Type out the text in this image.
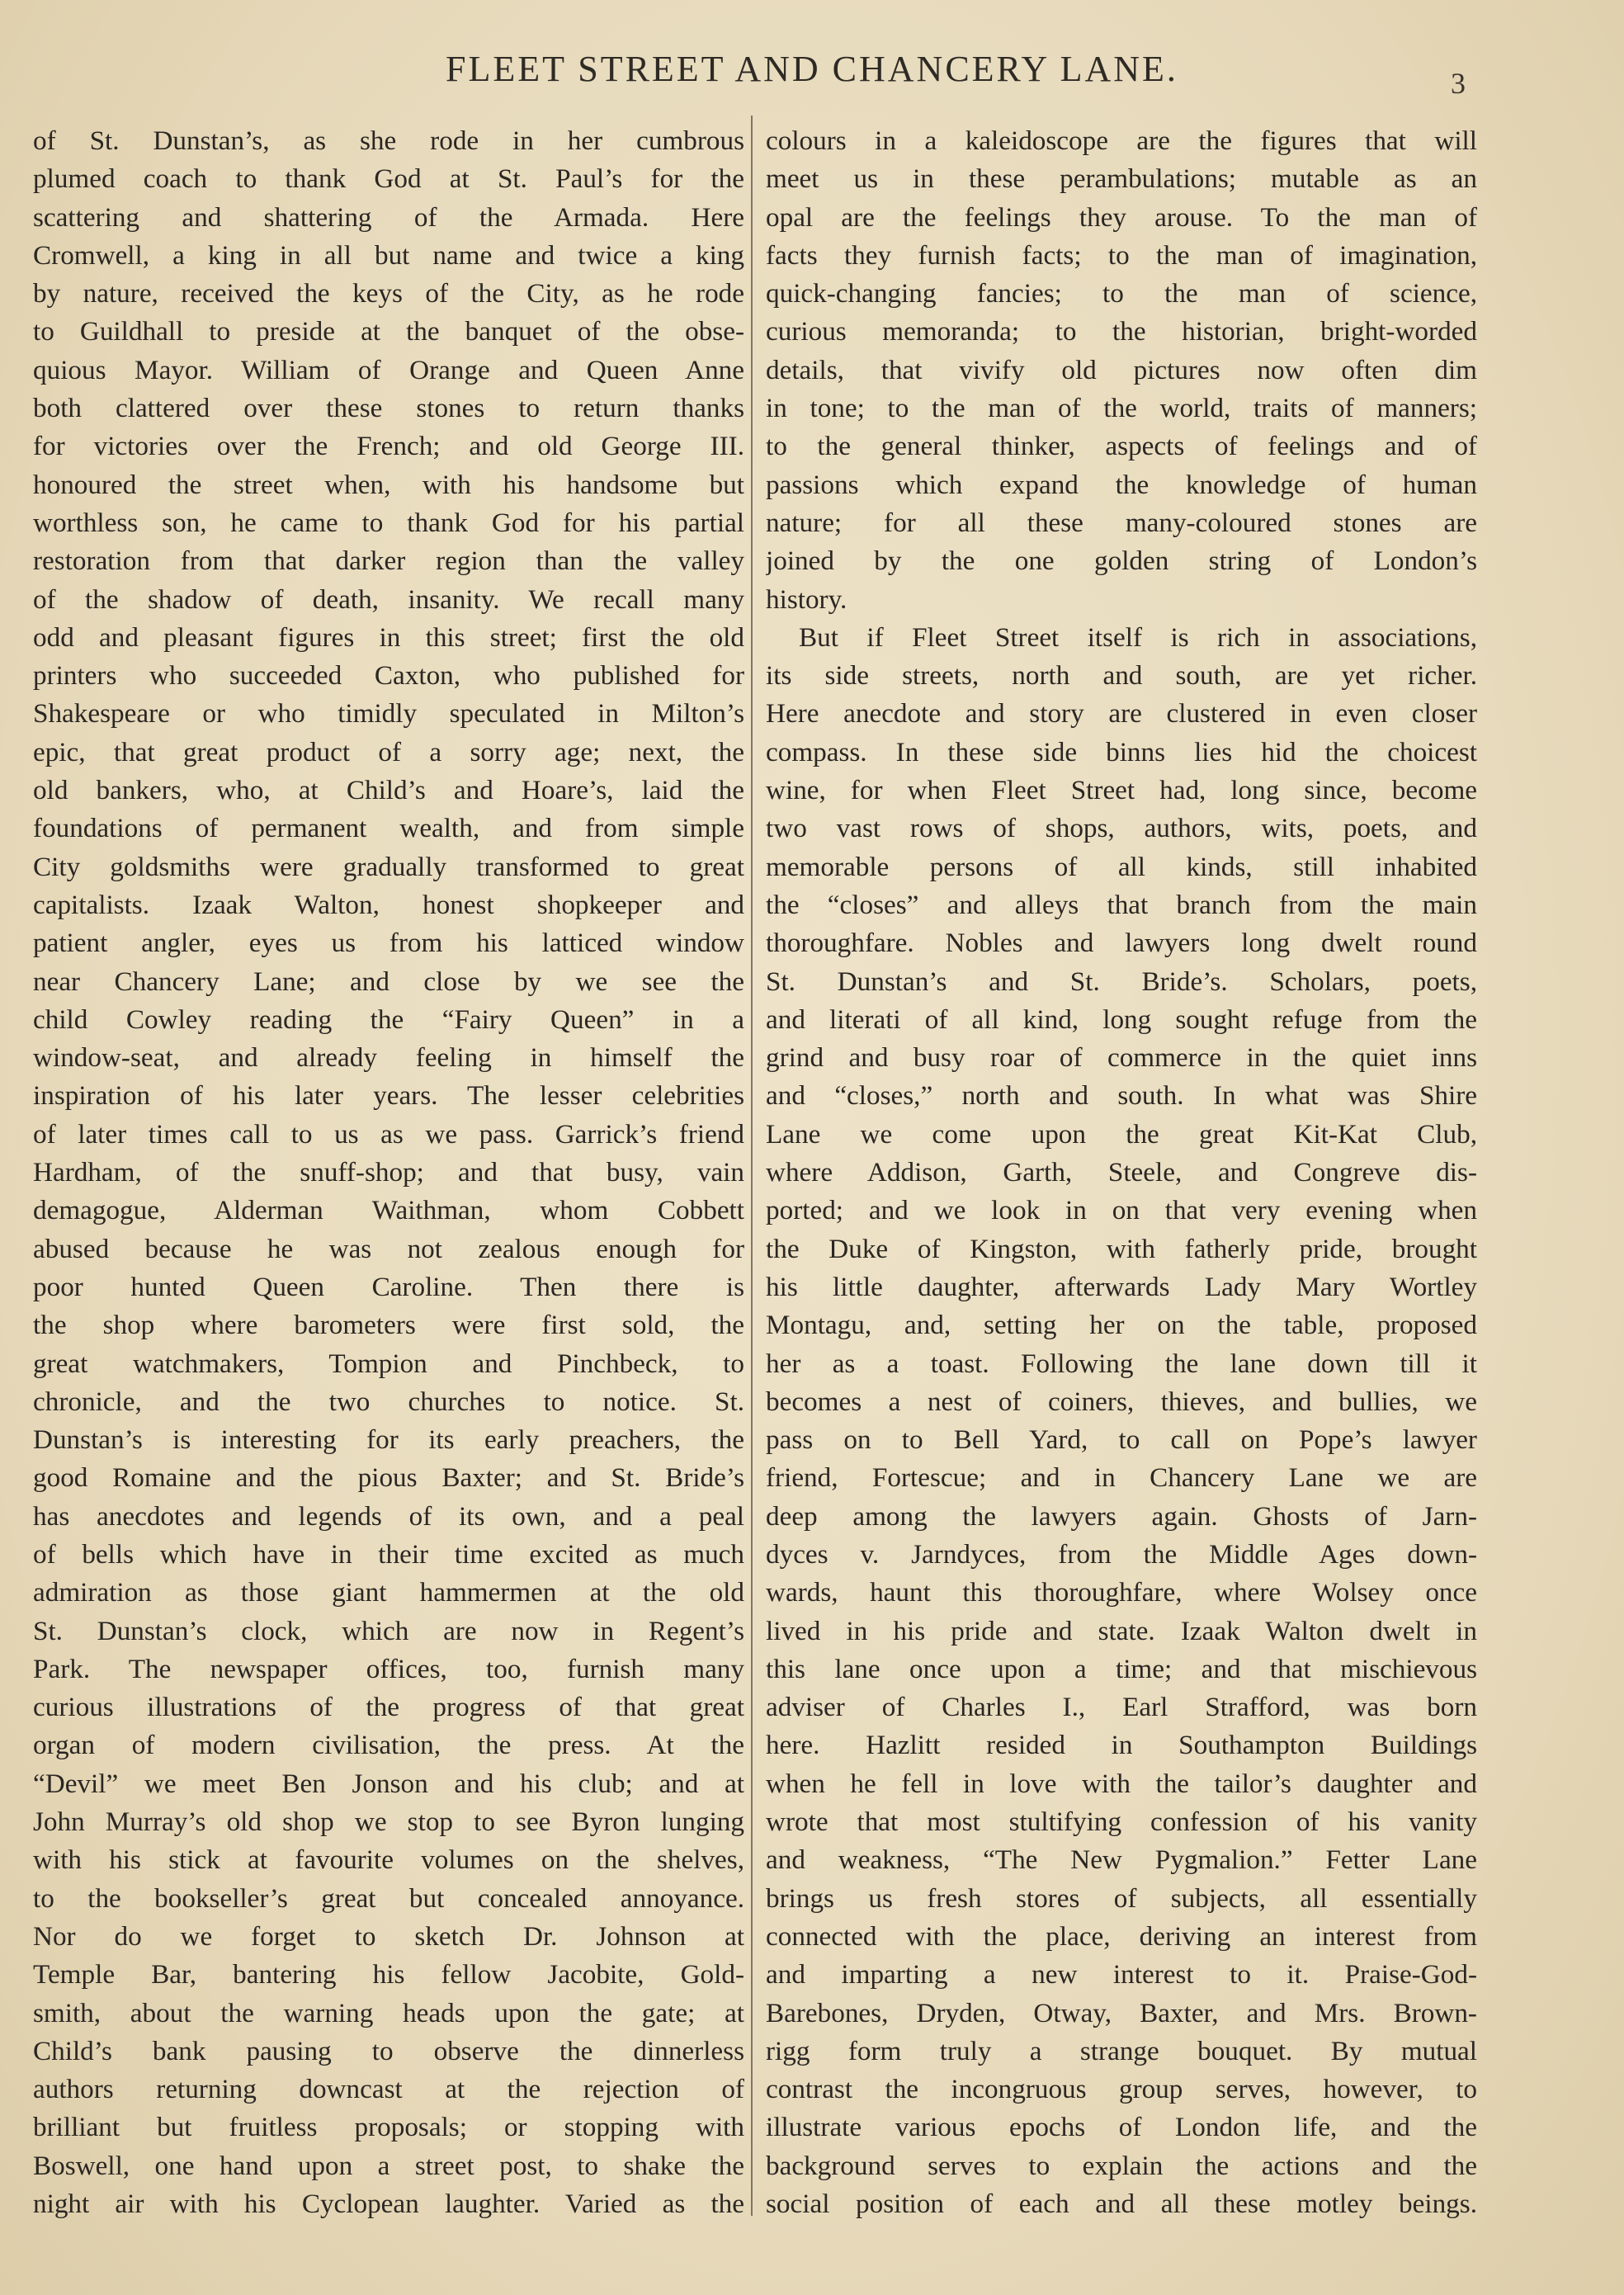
FLEET STREET AND CHANCERY LANE.	3

of St. Dunstan’s, as she rode in her cumbrous
plumed coach to thank God at St. Paul’s for the
scattering and shattering of the Armada. Here
Cromwell, a king in all but name and twice a king
by nature, received the keys of the City, as he rode
to Guildhall to preside at the banquet of the obse-
quious Mayor. William of Orange and Queen Anne
both clattered over these stones to return thanks
for victories over the French; and old George III.
honoured the street when, with his handsome but
worthless son, he came to thank God for his partial
restoration from that darker region than the valley
of the shadow of death, insanity. We recall many
odd and pleasant figures in this street; first the old
printers who succeeded Caxton, who published for
Shakespeare or who timidly speculated in Milton’s
epic, that great product of a sorry age; next, the
old bankers, who, at Child’s and Hoare’s, laid the
foundations of permanent wealth, and from simple
City goldsmiths were gradually transformed to great
capitalists. Izaak Walton, honest shopkeeper and
patient angler, eyes us from his latticed window
near Chancery Lane; and close by we see the
child Cowley reading the “Fairy Queen” in a
window-seat, and already feeling in himself the
inspiration of his later years. The lesser celebrities
of later times call to us as we pass. Garrick’s friend
Hardham, of the snuff-shop; and that busy, vain
demagogue, Alderman Waithman, whom Cobbett
abused because he was not zealous enough for
poor hunted Queen Caroline. Then there is
the shop where barometers were first sold, the
great watchmakers, Tompion and Pinchbeck, to
chronicle, and the two churches to notice. St.
Dunstan’s is interesting for its early preachers, the
good Romaine and the pious Baxter; and St. Bride’s
has anecdotes and legends of its own, and a peal
of bells which have in their time excited as much
admiration as those giant hammermen at the old
St. Dunstan’s clock, which are now in Regent’s
Park. The newspaper offices, too, furnish many
curious illustrations of the progress of that great
organ of modern civilisation, the press. At the
“Devil” we meet Ben Jonson and his club; and at
John Murray’s old shop we stop to see Byron lunging
with his stick at favourite volumes on the shelves,
to the bookseller’s great but concealed annoyance.
Nor do we forget to sketch Dr. Johnson at
Temple Bar, bantering his fellow Jacobite, Gold-
smith, about the warning heads upon the gate; at
Child’s bank pausing to observe the dinnerless
authors returning downcast at the rejection of
brilliant but fruitless proposals; or stopping with
Boswell, one hand upon a street post, to shake the
night air with his Cyclopean laughter. Varied as the

colours in a kaleidoscope are the figures that will
meet us in these perambulations; mutable as an
opal are the feelings they arouse. To the man of
facts they furnish facts; to the man of imagination,
quick-changing fancies; to the man of science,
curious memoranda; to the historian, bright-worded
details, that vivify old pictures now often dim
in tone; to the man of the world, traits of manners;
to the general thinker, aspects of feelings and of
passions which expand the knowledge of human
nature; for all these many-coloured stones are
joined by the one golden string of London’s
history.

But if Fleet Street itself is rich in associations,
its side streets, north and south, are yet richer.
Here anecdote and story are clustered in even closer
compass. In these side binns lies hid the choicest
wine, for when Fleet Street had, long since, become
two vast rows of shops, authors, wits, poets, and
memorable persons of all kinds, still inhabited
the “closes” and alleys that branch from the main
thoroughfare. Nobles and lawyers long dwelt round
St. Dunstan’s and St. Bride’s. Scholars, poets,
and literati of all kind, long sought refuge from the
grind and busy roar of commerce in the quiet inns
and “closes,” north and south. In what was Shire
Lane we come upon the great Kit-Kat Club,
where Addison, Garth, Steele, and Congreve dis-
ported; and we look in on that very evening when
the Duke of Kingston, with fatherly pride, brought
his little daughter, afterwards Lady Mary Wortley
Montagu, and, setting her on the table, proposed
her as a toast. Following the lane down till it
becomes a nest of coiners, thieves, and bullies, we
pass on to Bell Yard, to call on Pope’s lawyer
friend, Fortescue; and in Chancery Lane we are
deep among the lawyers again. Ghosts of Jarn-
dyces v. Jarndyces, from the Middle Ages down-
wards, haunt this thoroughfare, where Wolsey once
lived in his pride and state. Izaak Walton dwelt in
this lane once upon a time; and that mischievous
adviser of Charles I., Earl Strafford, was born
here. Hazlitt resided in Southampton Buildings
when he fell in love with the tailor’s daughter and
wrote that most stultifying confession of his vanity
and weakness, “The New Pygmalion.” Fetter Lane
brings us fresh stores of subjects, all essentially
connected with the place, deriving an interest from
and imparting a new interest to it. Praise-God-
Barebones, Dryden, Otway, Baxter, and Mrs. Brown-
rigg form truly a strange bouquet. By mutual
contrast the incongruous group serves, however, to
illustrate various epochs of London life, and the
background serves to explain the actions and the
social position of each and all these motley beings.
